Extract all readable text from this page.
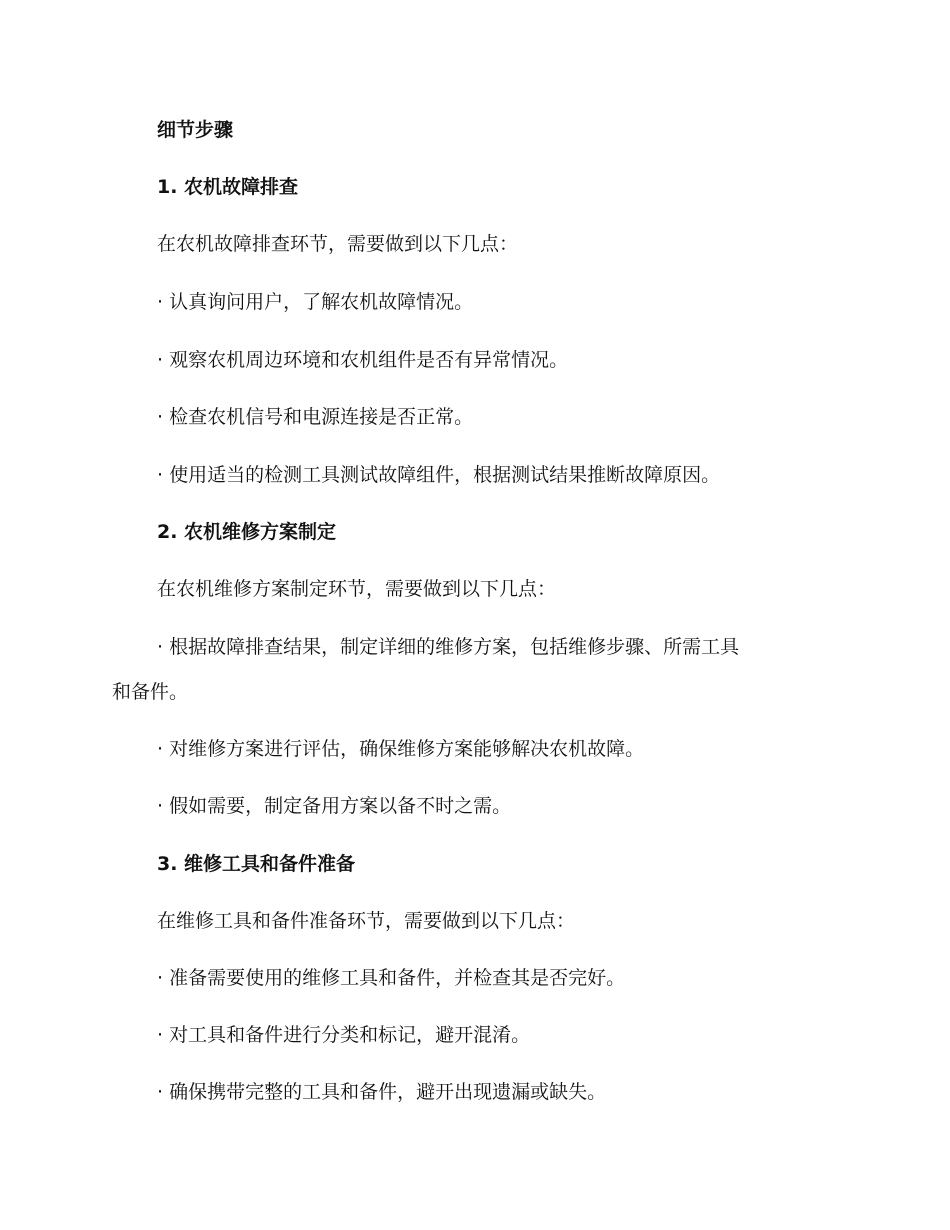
细节步骤
1. 农机故障排查
在农机故障排查环节，需要做到以下几点：
· 认真询问用户，了解农机故障情况。
· 观察农机周边环境和农机组件是否有异常情况。
· 检查农机信号和电源连接是否正常。
· 使用适当的检测工具测试故障组件，根据测试结果推断故障原因。
2. 农机维修方案制定
在农机维修方案制定环节，需要做到以下几点：
· 根据故障排查结果，制定详细的维修方案，包括维修步骤、所需工具
和备件。
· 对维修方案进行评估，确保维修方案能够解决农机故障。
· 假如需要，制定备用方案以备不时之需。
3. 维修工具和备件准备
在维修工具和备件准备环节，需要做到以下几点：
· 准备需要使用的维修工具和备件，并检查其是否完好。
· 对工具和备件进行分类和标记，避开混淆。
· 确保携带完整的工具和备件，避开出现遗漏或缺失。
